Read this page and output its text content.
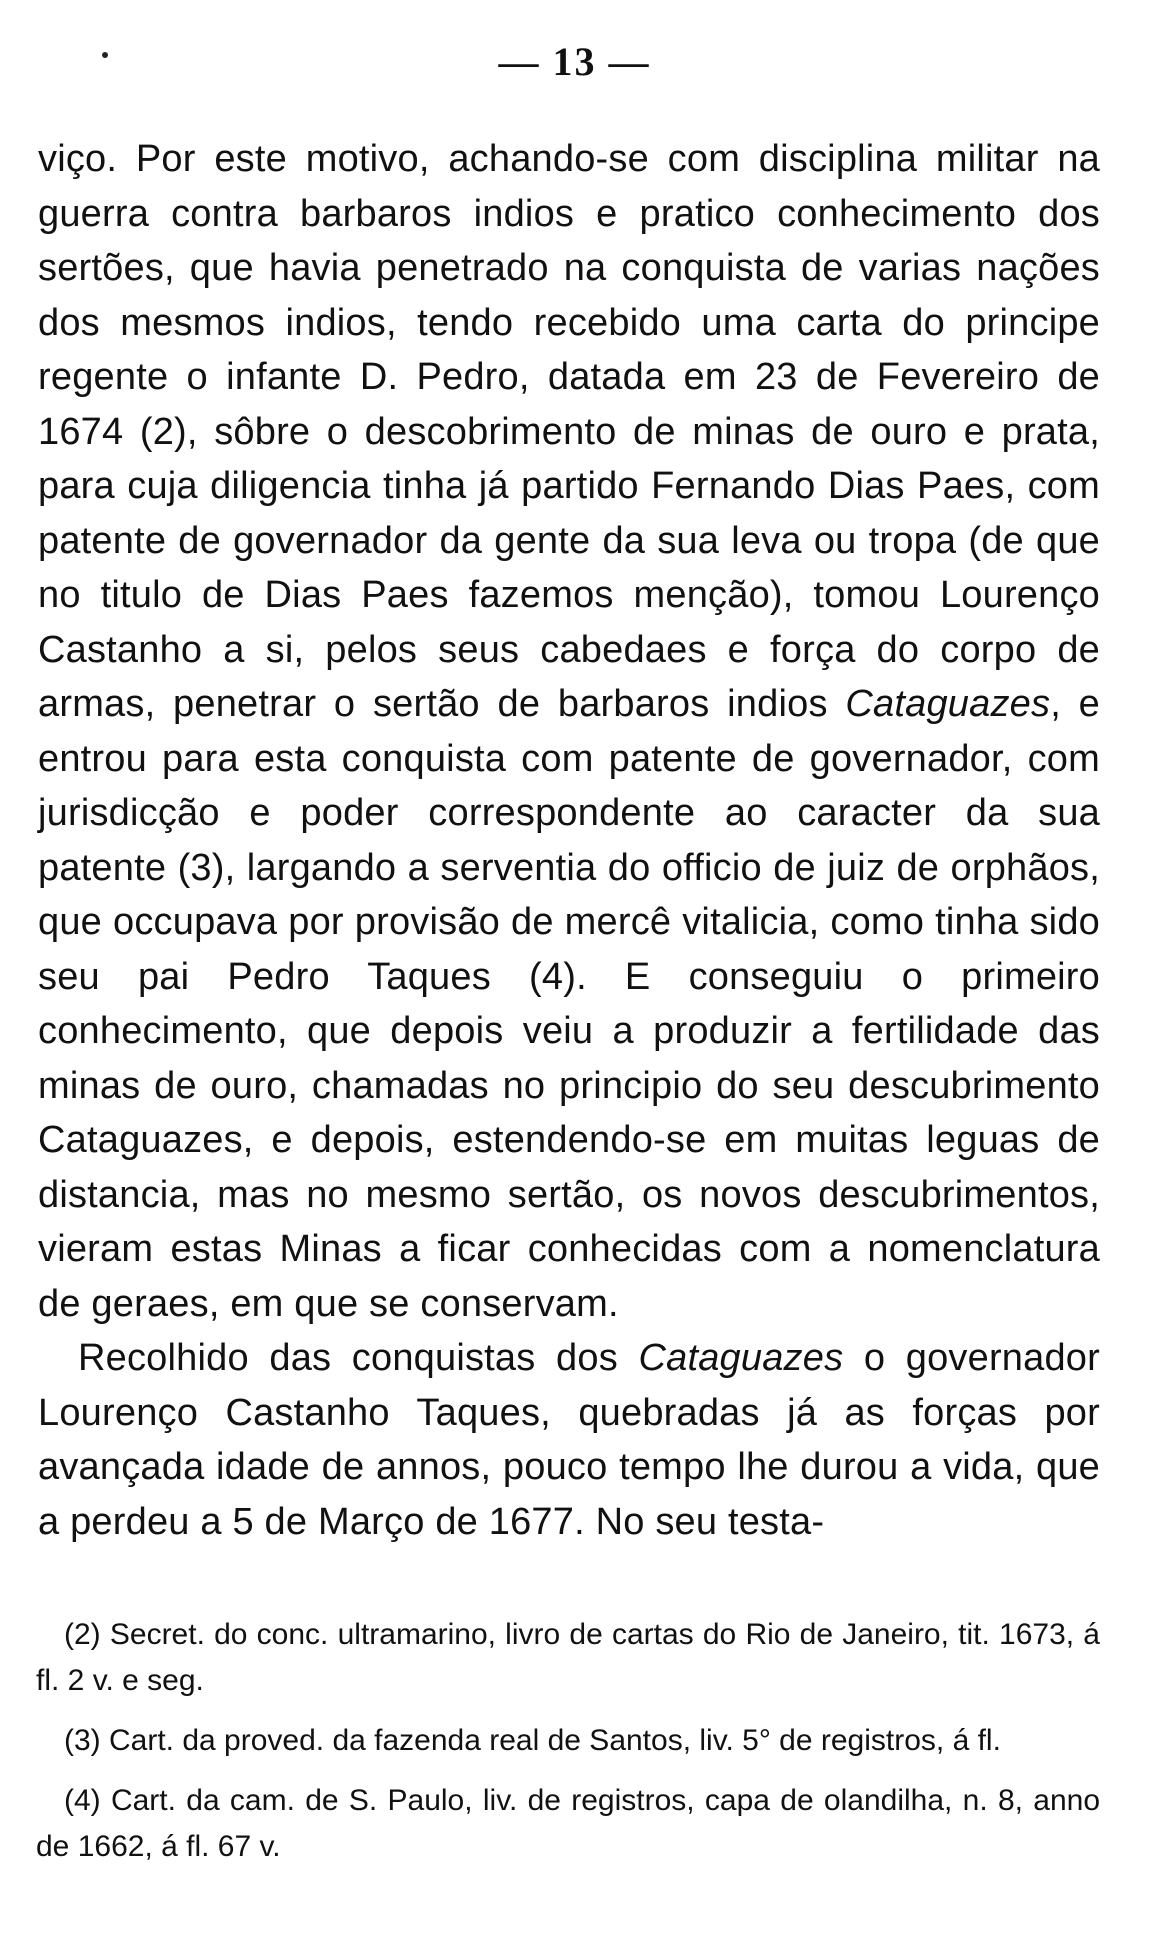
— 13 —

viço. Por este motivo, achando-se com disciplina militar na guerra contra barbaros indios e pratico conhecimento dos sertões, que havia penetrado na conquista de varias nações dos mesmos indios, tendo recebido uma carta do principe regente o infante D. Pedro, datada em 23 de Fevereiro de 1674 (2), sôbre o descobrimento de minas de ouro e prata, para cuja diligencia tinha já partido Fernando Dias Paes, com patente de governador da gente da sua leva ou tropa (de que no titulo de Dias Paes fazemos menção), tomou Lourenço Castanho a si, pelos seus cabedaes e força do corpo de armas, penetrar o sertão de barbaros indios Cataguazes, e entrou para esta conquista com patente de governador, com jurisdicção e poder correspondente ao caracter da sua patente (3), largando a serventia do officio de juiz de orphãos, que occupava por provisão de mercê vitalicia, como tinha sido seu pai Pedro Taques (4). E conseguiu o primeiro conhecimento, que depois veiu a produzir a fertilidade das minas de ouro, chamadas no principio do seu descubrimento Cataguazes, e depois, estendendo-se em muitas leguas de distancia, mas no mesmo sertão, os novos descubrimentos, vieram estas Minas a ficar conhecidas com a nomenclatura de geraes, em que se conservam.

Recolhido das conquistas dos Cataguazes o governador Lourenço Castanho Taques, quebradas já as forças por avançada idade de annos, pouco tempo lhe durou a vida, que a perdeu a 5 de Março de 1677. No seu testa-

(2) Secret. do conc. ultramarino, livro de cartas do Rio de Janeiro, tit. 1673, á fl. 2 v. e seg.

(3) Cart. da proved. da fazenda real de Santos, liv. 5° de registros, á fl.

(4) Cart. da cam. de S. Paulo, liv. de registros, capa de olandilha, n. 8, anno de 1662, á fl. 67 v.
